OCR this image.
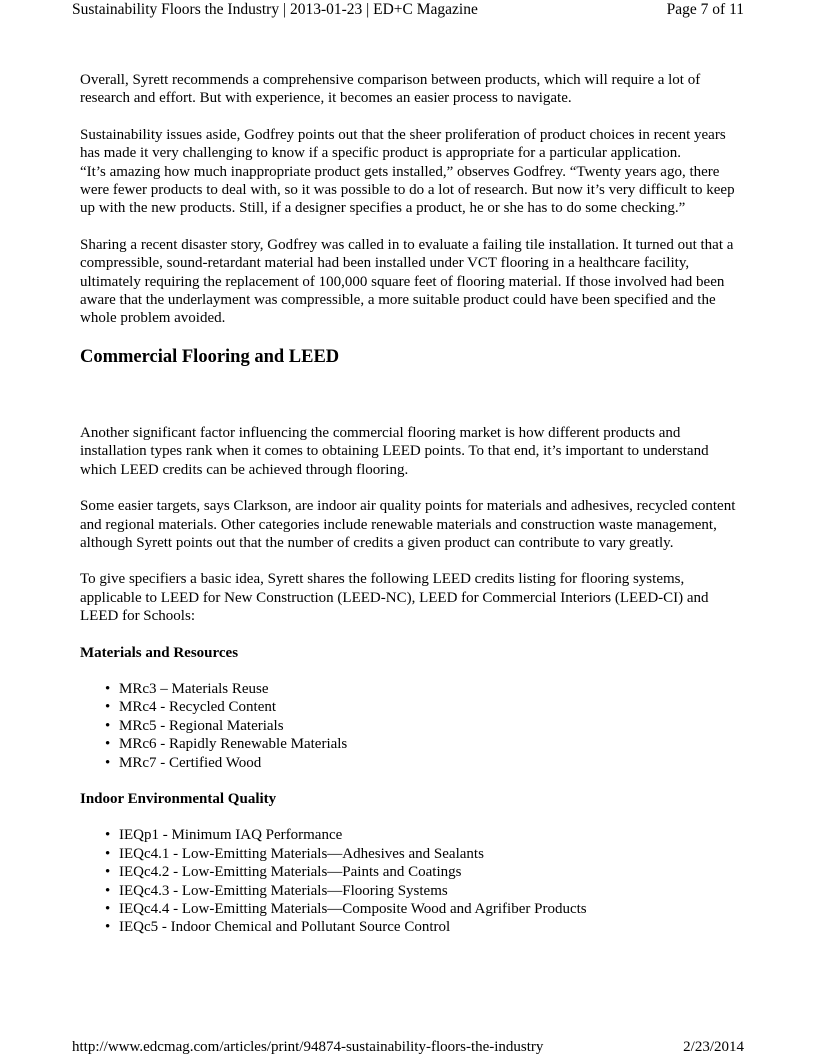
Sustainability Floors the Industry | 2013-01-23 | ED+C Magazine	Page 7 of 11

Overall, Syrett recommends a comprehensive comparison between products, which will require a lot of research and effort. But with experience, it becomes an easier process to navigate.

Sustainability issues aside, Godfrey points out that the sheer proliferation of product choices in recent years has made it very challenging to know if a specific product is appropriate for a particular application.

“It’s amazing how much inappropriate product gets installed,” observes Godfrey. “Twenty years ago, there were fewer products to deal with, so it was possible to do a lot of research. But now it’s very difficult to keep up with the new products. Still, if a designer specifies a product, he or she has to do some checking.”

Sharing a recent disaster story, Godfrey was called in to evaluate a failing tile installation. It turned out that a compressible, sound-retardant material had been installed under VCT flooring in a healthcare facility, ultimately requiring the replacement of 100,000 square feet of flooring material. If those involved had been aware that the underlayment was compressible, a more suitable product could have been specified and the whole problem avoided.

Commercial Flooring and LEED

Another significant factor influencing the commercial flooring market is how different products and installation types rank when it comes to obtaining LEED points. To that end, it’s important to understand which LEED credits can be achieved through flooring.

Some easier targets, says Clarkson, are indoor air quality points for materials and adhesives, recycled content and regional materials. Other categories include renewable materials and construction waste management, although Syrett points out that the number of credits a given product can contribute to vary greatly.

To give specifiers a basic idea, Syrett shares the following LEED credits listing for flooring systems, applicable to LEED for New Construction (LEED-NC), LEED for Commercial Interiors (LEED-CI) and LEED for Schools:

Materials and Resources

• MRc3 – Materials Reuse
• MRc4 - Recycled Content
• MRc5 - Regional Materials
• MRc6 - Rapidly Renewable Materials
• MRc7 - Certified Wood

Indoor Environmental Quality

• IEQp1 - Minimum IAQ Performance
• IEQc4.1 - Low-Emitting Materials—Adhesives and Sealants
• IEQc4.2 - Low-Emitting Materials—Paints and Coatings
• IEQc4.3 - Low-Emitting Materials—Flooring Systems
• IEQc4.4 - Low-Emitting Materials—Composite Wood and Agrifiber Products
• IEQc5 - Indoor Chemical and Pollutant Source Control
http://www.edcmag.com/articles/print/94874-sustainability-floors-the-industry	2/23/2014
